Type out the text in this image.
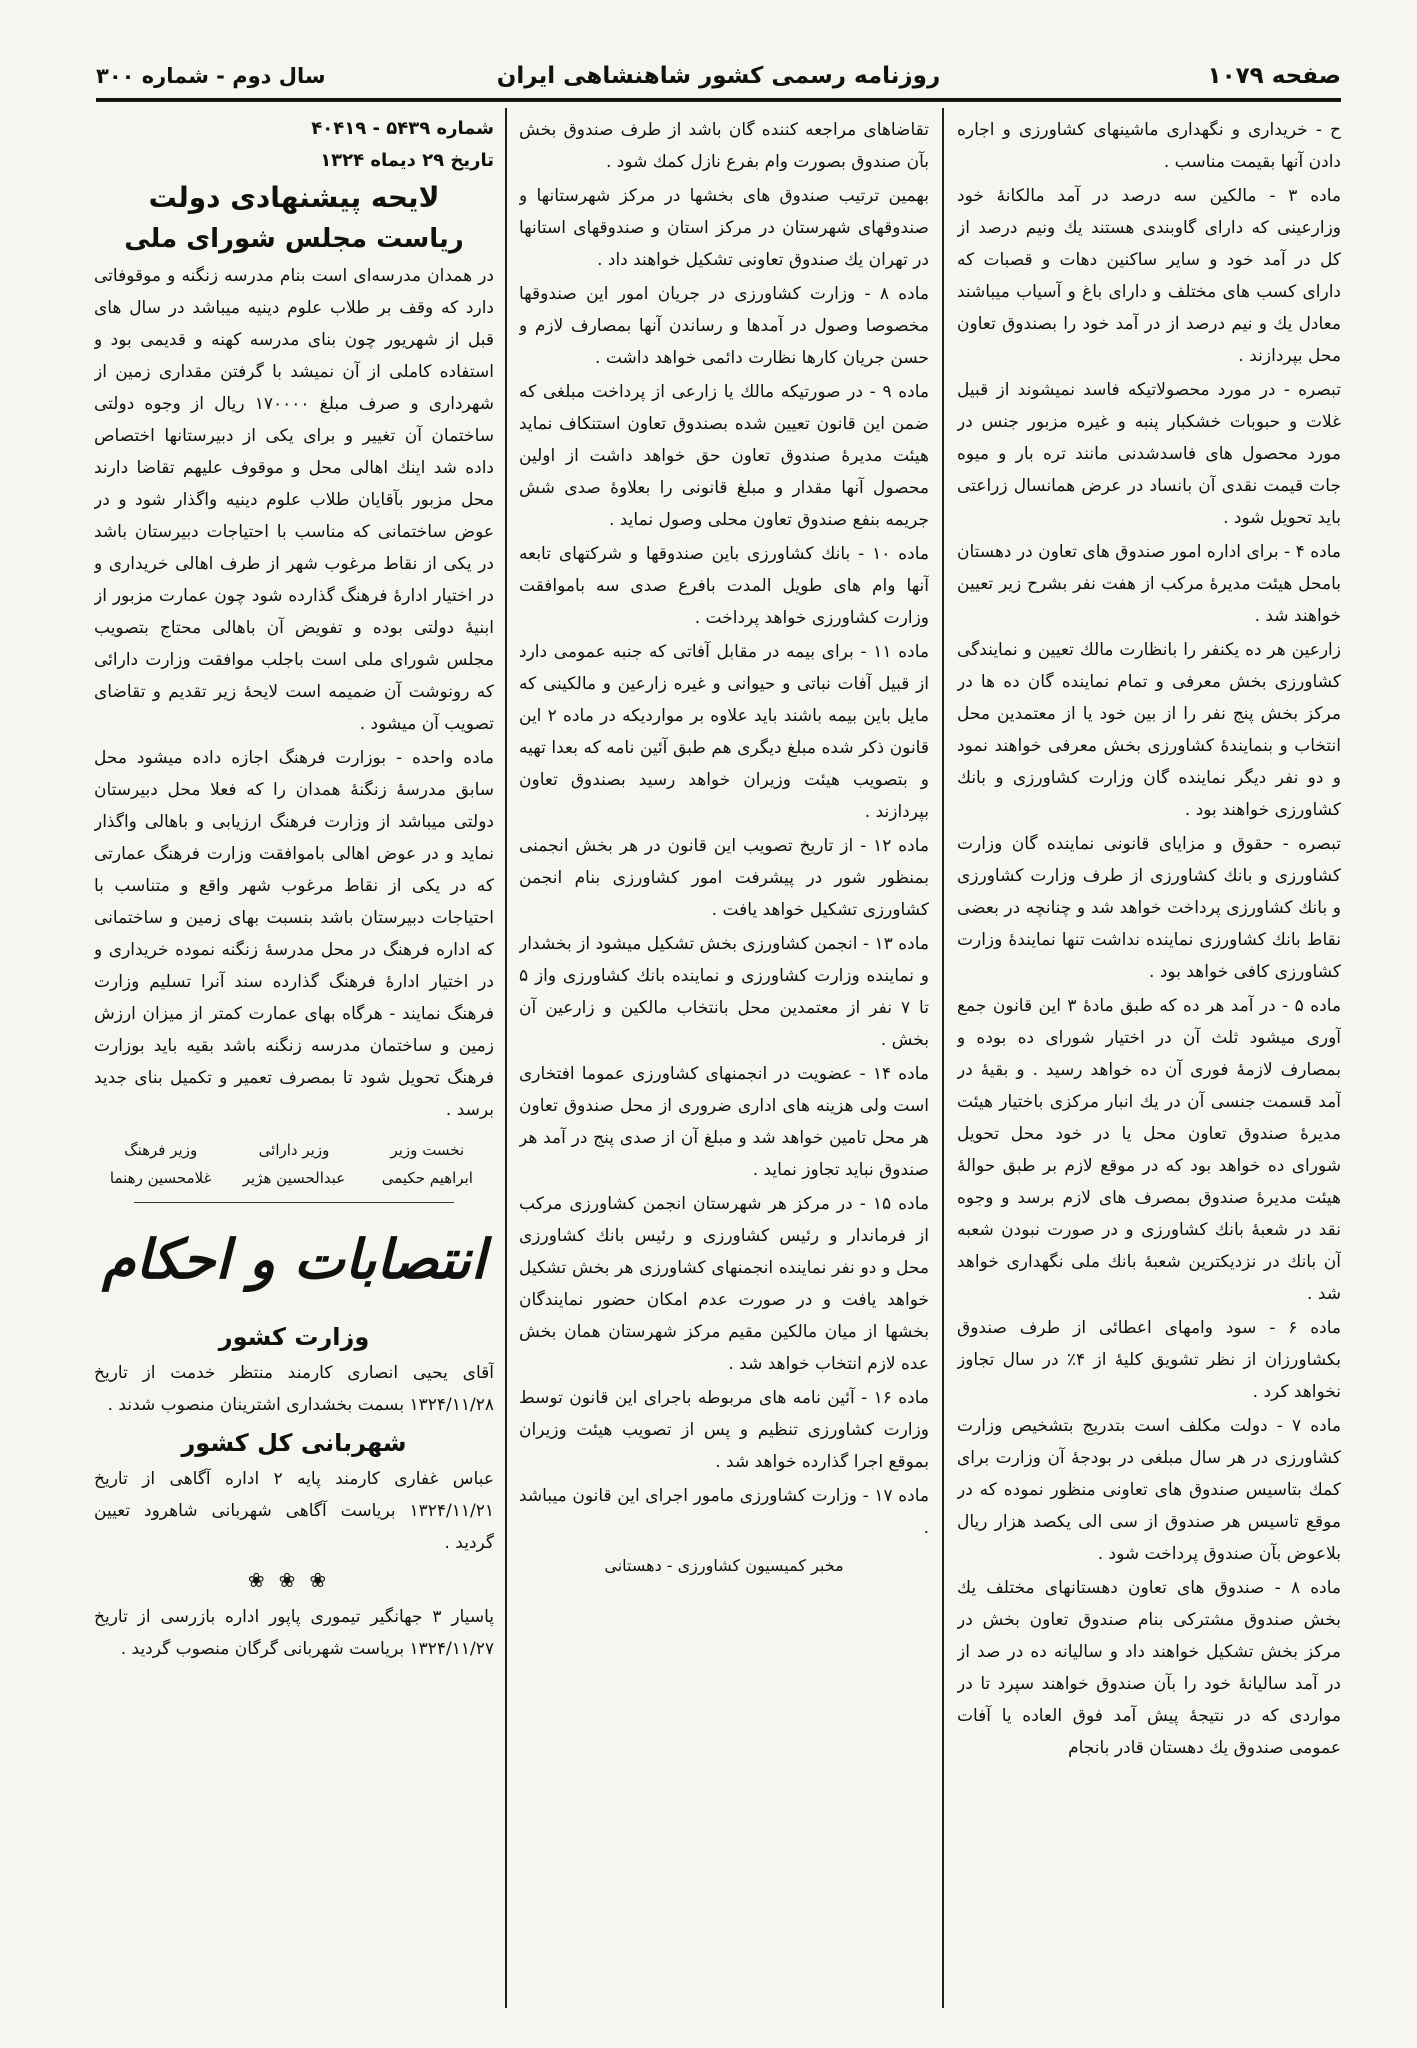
صفحه ۱۰۷۹
روزنامه رسمی کشور شاهنشاهی ایران
سال دوم - شماره ۳۰۰

ح - خریداری و نگهداری ماشینهای کشاورزی و اجاره دادن آنها بقیمت مناسب .

ماده ۳ - مالکین سه درصد در آمد مالکانهٔ خود وزارعینی که دارای گاوبندی هستند یك ونیم درصد از کل در آمد خود و سایر ساکنین دهات و قصبات که دارای کسب های مختلف و دارای باغ و آسیاب میباشند معادل یك و نیم درصد از در آمد خود را بصندوق تعاون محل بپردازند .

تبصره - در مورد محصولاتیکه فاسد نمیشوند از قبیل غلات و حبوبات خشکبار پنبه و غیره مزبور جنس در مورد محصول های فاسدشدنی مانند تره بار و میوه جات قیمت نقدی آن بانساد در عرض همانسال زراعتی باید تحویل شود .

ماده ۴ - برای اداره امور صندوق های تعاون در دهستان بامحل هیئت مدیرهٔ مرکب از هفت نفر بشرح زیر تعیین خواهند شد .

زارعین هر ده یکنفر را بانظارت مالك تعیین و نمایندگی کشاورزی بخش معرفی و تمام نماینده گان ده ها در مرکز بخش پنج نفر را از بین خود یا از معتمدین محل انتخاب و بنمایندهٔ کشاورزی بخش معرفی خواهند نمود و دو نفر دیگر نماینده گان وزارت کشاورزی و بانك کشاورزی خواهند بود .

تبصره - حقوق و مزایای قانونی نماینده گان وزارت کشاورزی و بانك کشاورزی از طرف وزارت کشاورزی و بانك کشاورزی پرداخت خواهد شد و چنانچه در بعضی نقاط بانك کشاورزی نماینده نداشت تنها نمایندهٔ وزارت کشاورزی کافی خواهد بود .

ماده ۵ - در آمد هر ده که طبق مادهٔ ۳ این قانون جمع آوری میشود ثلث آن در اختیار شورای ده بوده و بمصارف لازمهٔ فوری آن ده خواهد رسید . و بقیهٔ در آمد قسمت جنسی آن در یك انبار مرکزی باختیار هیئت مدیرهٔ صندوق تعاون محل یا در خود محل تحویل شورای ده خواهد بود که در موقع لازم بر طبق حوالهٔ هیئت مدیرهٔ صندوق بمصرف های لازم برسد و وجوه نقد در شعبهٔ بانك کشاورزی و در صورت نبودن شعبه آن بانك در نزدیکترین شعبهٔ بانك ملی نگهداری خواهد شد .

ماده ۶ - سود وامهای اعطائی از طرف صندوق بکشاورزان از نظر تشویق کلیهٔ از ۴٪ در سال تجاوز نخواهد کرد .

ماده ۷ - دولت مکلف است بتدریج بتشخیص وزارت کشاورزی در هر سال مبلغی در بودجهٔ آن وزارت برای کمك بتاسیس صندوق های تعاونی منظور نموده که در موقع تاسیس هر صندوق از سی الی یکصد هزار ریال بلاعوض بآن صندوق پرداخت شود .

ماده ۸ - صندوق های تعاون دهستانهای مختلف یك بخش صندوق مشترکی بنام صندوق تعاون بخش در مرکز بخش تشکیل خواهند داد و سالیانه ده در صد از در آمد سالیانهٔ خود را بآن صندوق خواهند سپرد تا در مواردی که در نتیجهٔ پیش آمد فوق العاده یا آفات عمومی صندوق یك دهستان قادر بانجام

تقاضاهای مراجعه کننده گان باشد از طرف صندوق بخش بآن صندوق بصورت وام بفرع نازل کمك شود .

بهمین ترتیب صندوق های بخشها در مرکز شهرستانها و صندوقهای شهرستان در مرکز استان و صندوقهای استانها در تهران یك صندوق تعاونی تشکیل خواهند داد .

ماده ۸ - وزارت کشاورزی در جریان امور این صندوقها مخصوصا وصول در آمدها و رساندن آنها بمصارف لازم و حسن جریان کارها نظارت دائمی خواهد داشت .

ماده ۹ - در صورتیکه مالك یا زارعی از پرداخت مبلغی که ضمن این قانون تعیین شده بصندوق تعاون استنکاف نماید هیئت مدیرهٔ صندوق تعاون حق خواهد داشت از اولین محصول آنها مقدار و مبلغ قانونی را بعلاوهٔ صدی شش جریمه بنفع صندوق تعاون محلی وصول نماید .

ماده ۱۰ - بانك کشاورزی باین صندوقها و شرکتهای تابعه آنها وام های طویل المدت بافرع صدی سه باموافقت وزارت کشاورزی خواهد پرداخت .

ماده ۱۱ - برای بیمه در مقابل آفاتی که جنبه عمومی دارد از قبیل آفات نباتی و حیوانی و غیره زارعین و مالکینی که مایل باین بیمه باشند باید علاوه بر مواردیکه در ماده ۲ این قانون ذکر شده مبلغ دیگری هم طبق آئین نامه که بعدا تهیه و بتصویب هیئت وزیران خواهد رسید بصندوق تعاون بپردازند .

ماده ۱۲ - از تاریخ تصویب این قانون در هر بخش انجمنی بمنظور شور در پیشرفت امور کشاورزی بنام انجمن کشاورزی تشکیل خواهد یافت .

ماده ۱۳ - انجمن کشاورزی بخش تشکیل میشود از بخشدار و نماینده وزارت کشاورزی و نماینده بانك کشاورزی واز ۵ تا ۷ نفر از معتمدین محل بانتخاب مالکین و زارعین آن بخش .

ماده ۱۴ - عضویت در انجمنهای کشاورزی عموما افتخاری است ولی هزینه های اداری ضروری از محل صندوق تعاون هر محل تامین خواهد شد و مبلغ آن از صدی پنج در آمد هر صندوق نباید تجاوز نماید .

ماده ۱۵ - در مرکز هر شهرستان انجمن کشاورزی مرکب از فرماندار و رئیس کشاورزی و رئیس بانك کشاورزی محل و دو نفر نماینده انجمنهای کشاورزی هر بخش تشکیل خواهد یافت و در صورت عدم امکان حضور نمایندگان بخشها از میان مالکین مقیم مرکز شهرستان همان بخش عده لازم انتخاب خواهد شد .

ماده ۱۶ - آئین نامه های مربوطه باجرای این قانون توسط وزارت کشاورزی تنظیم و پس از تصویب هیئت وزیران بموقع اجرا گذارده خواهد شد .

ماده ۱۷ - وزارت کشاورزی مامور اجرای این قانون میباشد .

مخبر کمیسیون کشاورزی - دهستانی

شماره ۵۴۳۹ - ۴۰۴۱۹

تاریخ ۲۹ دیماه ۱۳۲۴

لایحه پیشنهادی دولت

ریاست مجلس شورای ملی

در همدان مدرسه‌ای است بنام مدرسه زنگنه و موقوفاتی دارد که وقف بر طلاب علوم دینیه میباشد در سال های قبل از شهریور چون بنای مدرسه کهنه و قدیمی بود و استفاده کاملی از آن نمیشد با گرفتن مقداری زمین از شهرداری و صرف مبلغ ۱۷۰۰۰۰ ریال از وجوه دولتی ساختمان آن تغییر و برای یکی از دبیرستانها اختصاص داده شد اینك اهالی محل و موقوف علیهم تقاضا دارند محل مزبور بآقایان طلاب علوم دینیه واگذار شود و در عوض ساختمانی که مناسب با احتیاجات دبیرستان باشد در یکی از نقاط مرغوب شهر از طرف اهالی خریداری و در اختیار ادارهٔ فرهنگ گذارده شود چون عمارت مزبور از ابنیهٔ دولتی بوده و تفویض آن باهالی محتاج بتصویب مجلس شورای ملی است باجلب موافقت وزارت دارائی که رونوشت آن ضمیمه است لایحهٔ زیر تقدیم و تقاضای تصویب آن میشود .

ماده واحده - بوزارت فرهنگ اجازه داده میشود محل سابق مدرسهٔ زنگنهٔ همدان را که فعلا محل دبیرستان دولتی میباشد از وزارت فرهنگ ارزیابی و باهالی واگذار نماید و در عوض اهالی باموافقت وزارت فرهنگ عمارتی که در یکی از نقاط مرغوب شهر واقع و متناسب با احتیاجات دبیرستان باشد بنسبت بهای زمین و ساختمانی که اداره فرهنگ در محل مدرسهٔ زنگنه نموده خریداری و در اختیار ادارهٔ فرهنگ گذارده سند آنرا تسلیم وزارت فرهنگ نمایند - هرگاه بهای عمارت کمتر از میزان ارزش زمین و ساختمان مدرسه زنگنه باشد بقیه باید بوزارت فرهنگ تحویل شود تا بمصرف تعمیر و تکمیل بنای جدید برسد .

نخست وزیر
وزیر دارائی
وزیر فرهنگ
ابراهیم حکیمی
عبدالحسین هژیر
غلامحسین رهنما
انتصابات و احکام
وزارت کشور

آقای یحیی انصاری کارمند منتظر خدمت از تاریخ ۱۳۲۴/۱۱/۲۸ بسمت بخشداری اشترینان منصوب شدند .

شهربانی کل کشور

عباس غفاری کارمند پایه ۲ اداره آگاهی از تاریخ ۱۳۲۴/۱۱/۲۱ بریاست آگاهی شهربانی شاهرود تعیین گردید .

❀❀❀

پاسیار ۳ جهانگیر تیموری پاپور اداره بازرسی از تاریخ ۱۳۲۴/۱۱/۲۷ بریاست شهربانی گرگان منصوب گردید .
